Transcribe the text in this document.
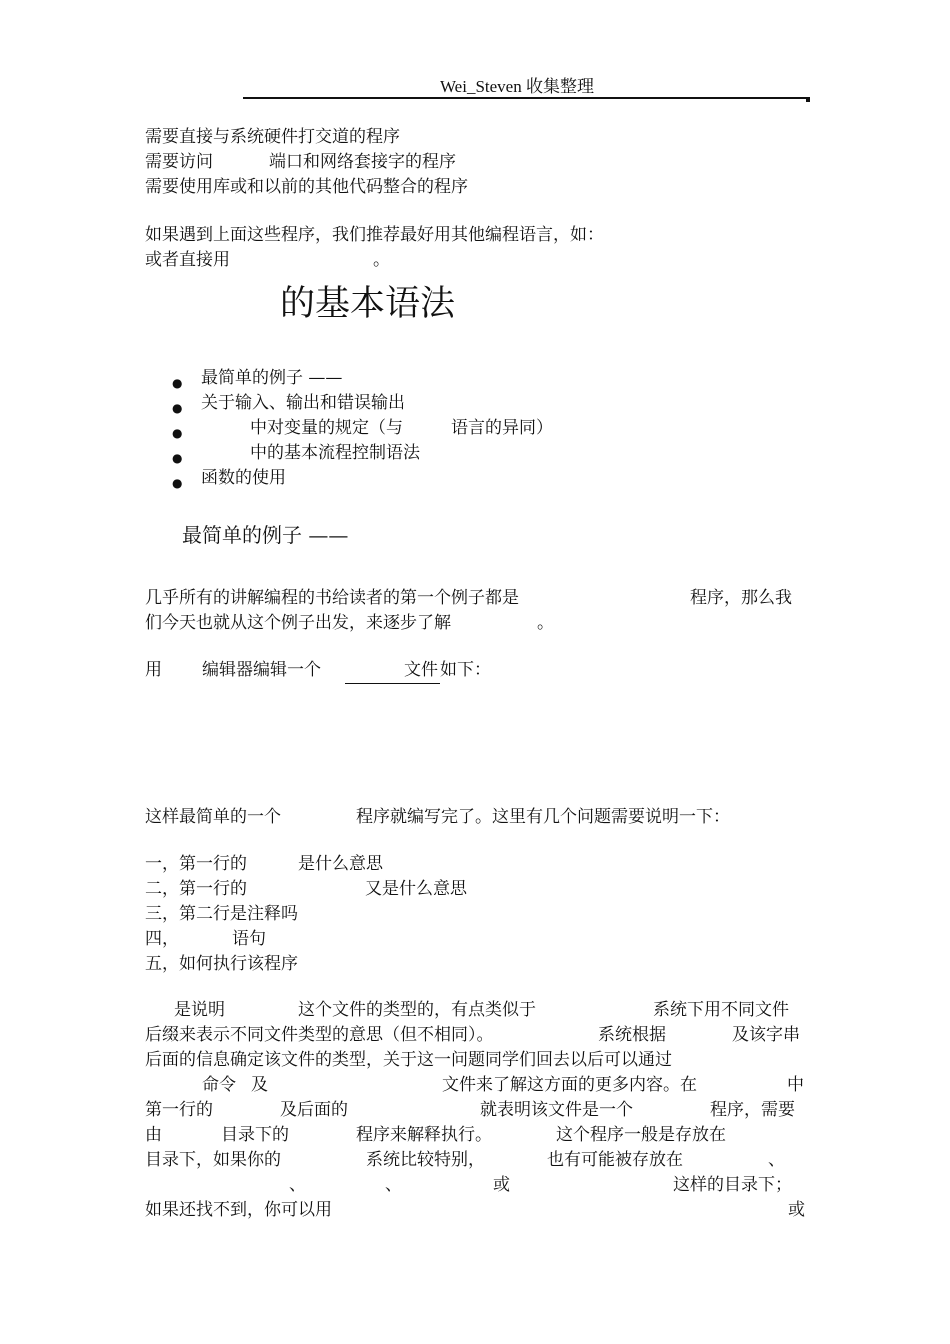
Wei_Steven 收集整理
需要直接与系统硬件打交道的程序
需要访问	端口和网络套接字的程序
需要使用库或和以前的其他代码整合的程序
如果遇到上面这些程序，我们推荐最好用其他编程语言，如：
或者直接用	。
的基本语法
● 最简单的例子 ——
● 关于输入、输出和错误输出
●	中对变量的规定（与	语言的异同）
●	中的基本流程控制语法
● 函数的使用
最简单的例子 ——
几乎所有的讲解编程的书给读者的第一个例子都是	程序，那么我
们今天也就从这个例子出发，来逐步了解	。
用 编辑器编辑一个	文件 如下：
这样最简单的一个	程序就编写完了。这里有几个问题需要说明一下：
一，第一行的	是什么意思
二，第一行的	又是什么意思
三，第二行是注释吗
四，	语句
五，如何执行该程序
是说明	这个文件的类型的，有点类似于	系统下用不同文件
后缀来表示不同文件类型的意思（但不相同）。	系统根据	及该字串
后面的信息确定该文件的类型，关于这一问题同学们回去以后可以通过
命令 及	文件来了解这方面的更多内容。在	中
第一行的	及后面的	就表明该文件是一个	程序，需要
由	目录下的	程序来解释执行。	这个程序一般是存放在
目录下，如果你的	系统比较特别，	也有可能被存放在	、
、	、	或	这样的目录下；
如果还找不到，你可以用	或
